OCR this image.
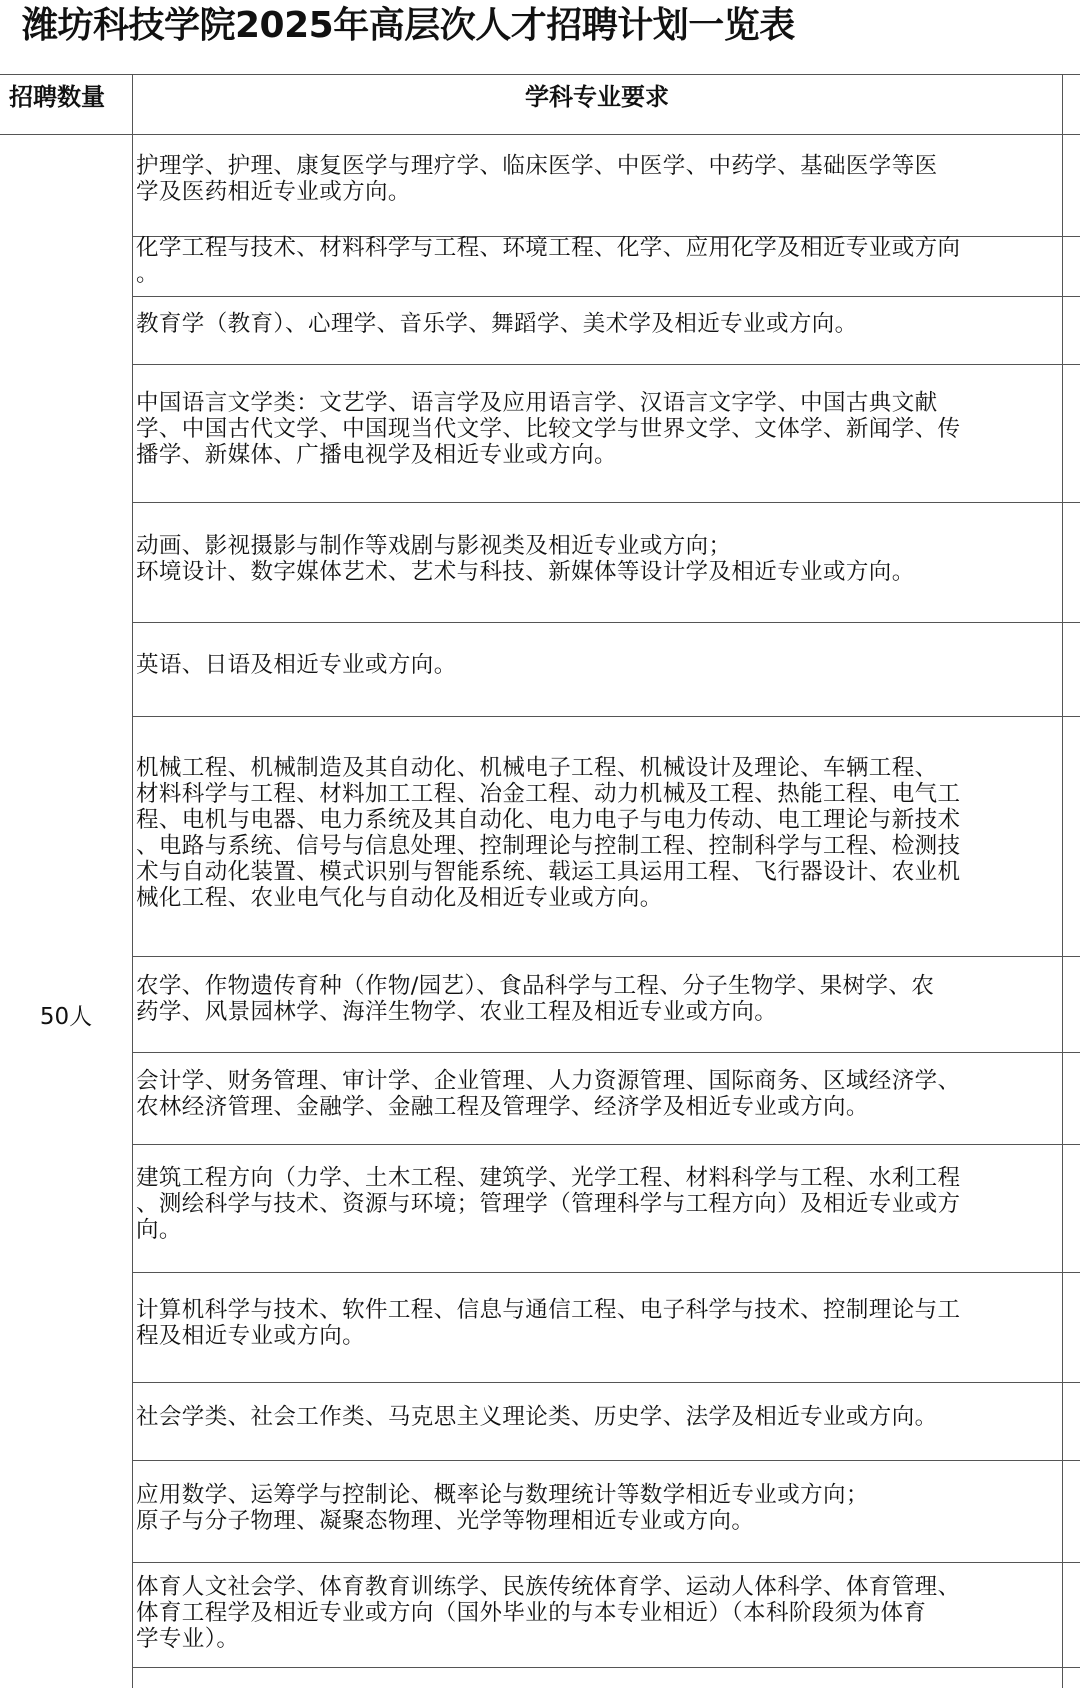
潍坊科技学院2025年高层次人才招聘计划一览表
招聘数量	学科专业要求
50人
护理学、护理、康复医学与理疗学、临床医学、中医学、中药学、基础医学等医
学及医药相近专业或方向。
化学工程与技术、材料科学与工程、环境工程、化学、应用化学及相近专业或方向
。
教育学（教育）、心理学、音乐学、舞蹈学、美术学及相近专业或方向。
中国语言文学类：文艺学、语言学及应用语言学、汉语言文字学、中国古典文献
学、中国古代文学、中国现当代文学、比较文学与世界文学、文体学、新闻学、传
播学、新媒体、广播电视学及相近专业或方向。
动画、影视摄影与制作等戏剧与影视类及相近专业或方向；
环境设计、数字媒体艺术、艺术与科技、新媒体等设计学及相近专业或方向。
英语、日语及相近专业或方向。
机械工程、机械制造及其自动化、机械电子工程、机械设计及理论、车辆工程、
材料科学与工程、材料加工工程、冶金工程、动力机械及工程、热能工程、电气工
程、电机与电器、电力系统及其自动化、电力电子与电力传动、电工理论与新技术
、电路与系统、信号与信息处理、控制理论与控制工程、控制科学与工程、检测技
术与自动化装置、模式识别与智能系统、载运工具运用工程、飞行器设计、农业机
械化工程、农业电气化与自动化及相近专业或方向。
农学、作物遗传育种（作物/园艺）、食品科学与工程、分子生物学、果树学、农
药学、风景园林学、海洋生物学、农业工程及相近专业或方向。
会计学、财务管理、审计学、企业管理、人力资源管理、国际商务、区域经济学、
农林经济管理、金融学、金融工程及管理学、经济学及相近专业或方向。
建筑工程方向（力学、土木工程、建筑学、光学工程、材料科学与工程、水利工程
、测绘科学与技术、资源与环境；管理学（管理科学与工程方向）及相近专业或方
向。
计算机科学与技术、软件工程、信息与通信工程、电子科学与技术、控制理论与工
程及相近专业或方向。
社会学类、社会工作类、马克思主义理论类、历史学、法学及相近专业或方向。
应用数学、运筹学与控制论、概率论与数理统计等数学相近专业或方向；
原子与分子物理、凝聚态物理、光学等物理相近专业或方向。
体育人文社会学、体育教育训练学、民族传统体育学、运动人体科学、体育管理、
体育工程学及相近专业或方向（国外毕业的与本专业相近）（本科阶段须为体育
学专业）。
